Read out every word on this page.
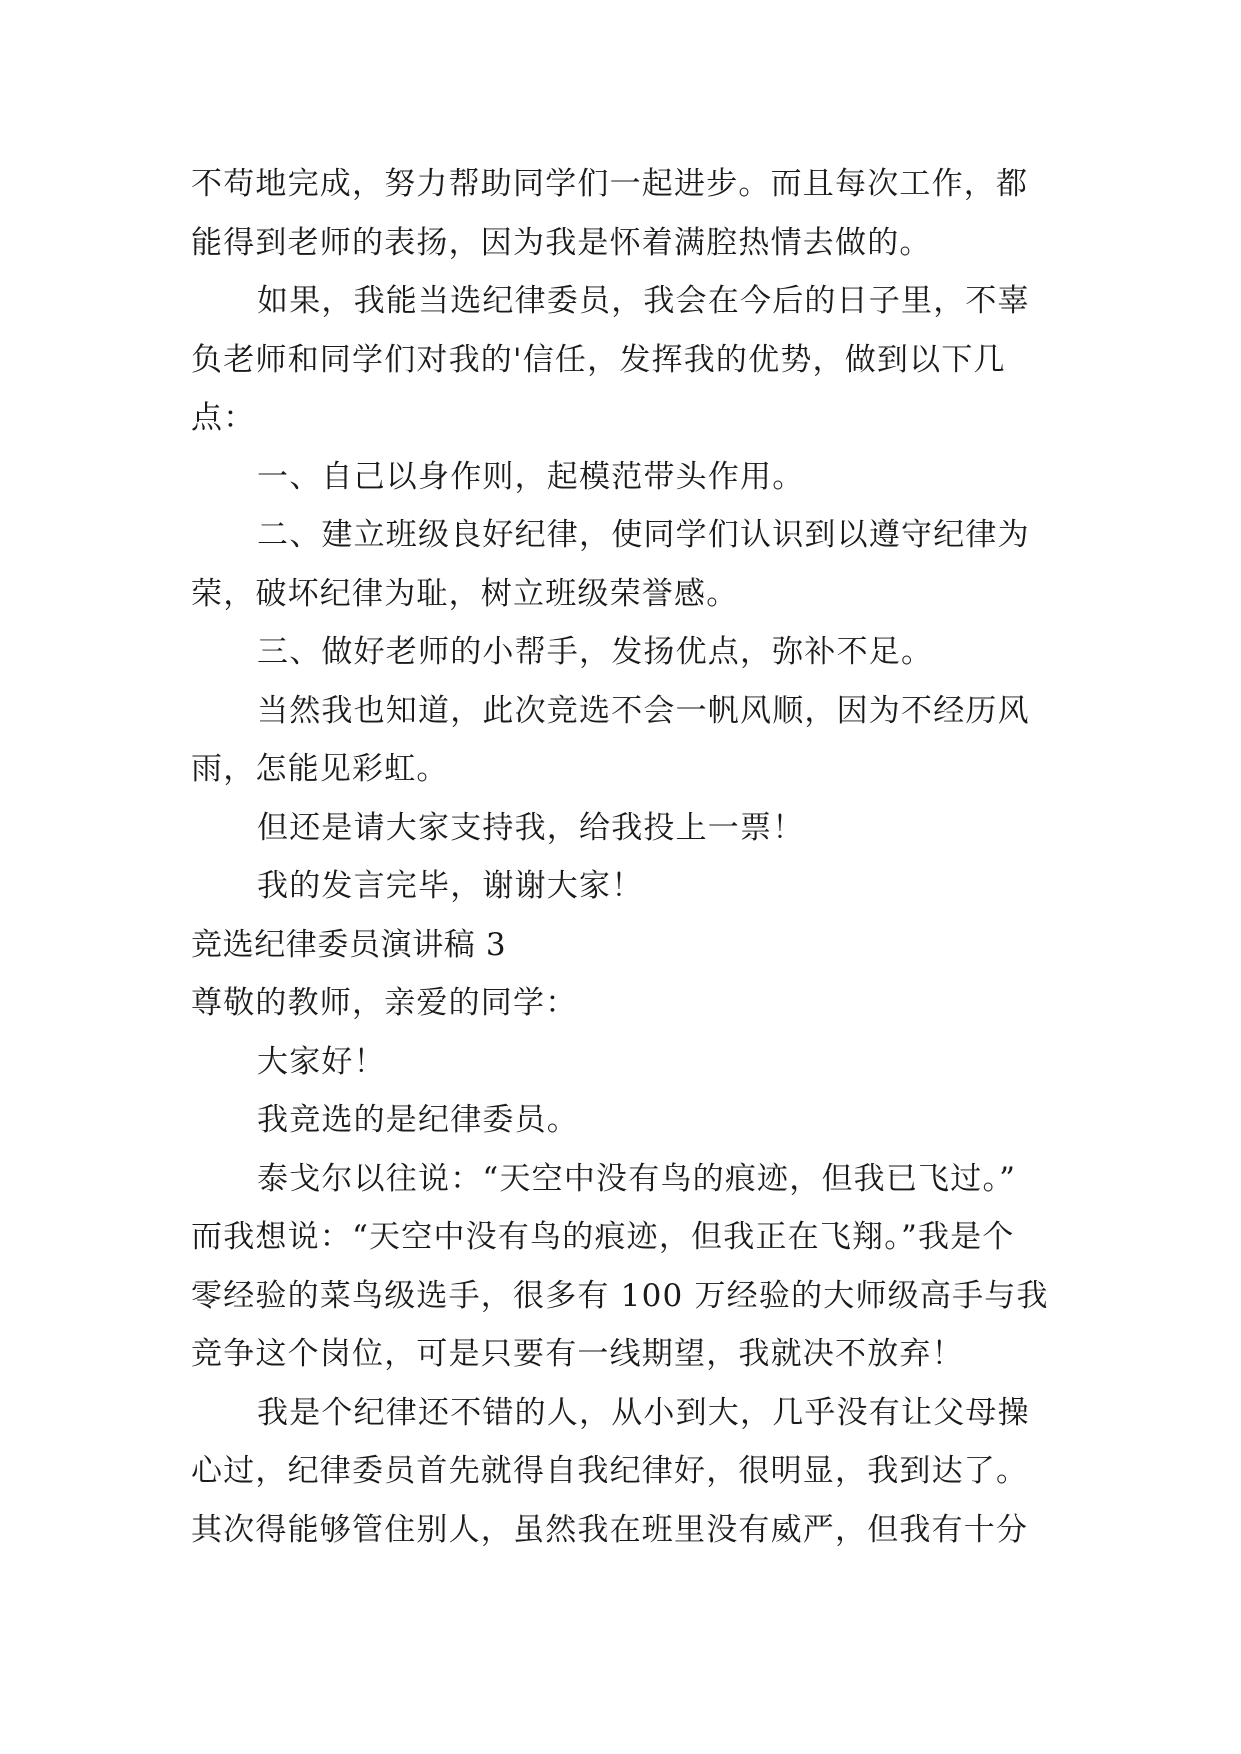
不苟地完成，努力帮助同学们一起进步。而且每次工作，都
能得到老师的表扬，因为我是怀着满腔热情去做的。
如果，我能当选纪律委员，我会在今后的日子里，不辜
负老师和同学们对我的'信任，发挥我的优势，做到以下几
点：
一、自己以身作则，起模范带头作用。
二、建立班级良好纪律，使同学们认识到以遵守纪律为
荣，破坏纪律为耻，树立班级荣誉感。
三、做好老师的小帮手，发扬优点，弥补不足。
当然我也知道，此次竞选不会一帆风顺，因为不经历风
雨，怎能见彩虹。
但还是请大家支持我，给我投上一票！
我的发言完毕，谢谢大家！
竞选纪律委员演讲稿 3
尊敬的教师，亲爱的同学：
大家好！
我竞选的是纪律委员。
泰戈尔以往说：“天空中没有鸟的痕迹，但我已飞过。”
而我想说：“天空中没有鸟的痕迹，但我正在飞翔。”我是个
零经验的菜鸟级选手，很多有 100 万经验的大师级高手与我
竞争这个岗位，可是只要有一线期望，我就决不放弃！
我是个纪律还不错的人，从小到大，几乎没有让父母操
心过，纪律委员首先就得自我纪律好，很明显，我到达了。
其次得能够管住别人，虽然我在班里没有威严，但我有十分
